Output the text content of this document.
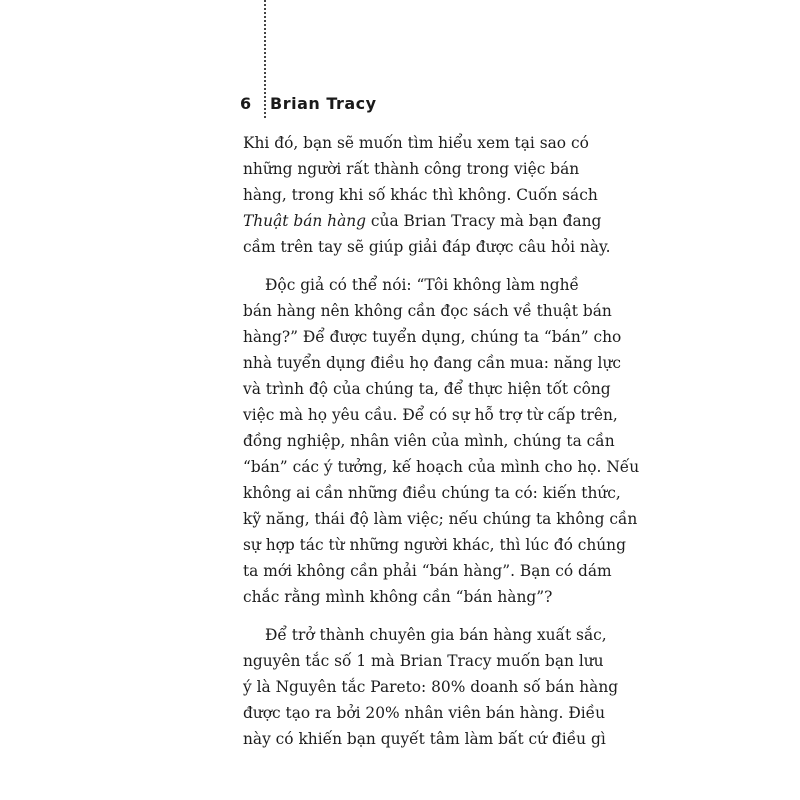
6	Brian Tracy
Khi đó, bạn sẽ muốn tìm hiểu xem tại sao có
những người rất thành công trong việc bán
hàng, trong khi số khác thì không. Cuốn sách
Thuật bán hàng của Brian Tracy mà bạn đang
cầm trên tay sẽ giúp giải đáp được câu hỏi này.
Độc giả có thể nói: “Tôi không làm nghề
bán hàng nên không cần đọc sách về thuật bán
hàng?” Để được tuyển dụng, chúng ta “bán” cho
nhà tuyển dụng điều họ đang cần mua: năng lực
và trình độ của chúng ta, để thực hiện tốt công
việc mà họ yêu cầu. Để có sự hỗ trợ từ cấp trên,
đồng nghiệp, nhân viên của mình, chúng ta cần
“bán” các ý tưởng, kế hoạch của mình cho họ. Nếu
không ai cần những điều chúng ta có: kiến thức,
kỹ năng, thái độ làm việc; nếu chúng ta không cần
sự hợp tác từ những người khác, thì lúc đó chúng
ta mới không cần phải “bán hàng”. Bạn có dám
chắc rằng mình không cần “bán hàng”?
Để trở thành chuyên gia bán hàng xuất sắc,
nguyên tắc số 1 mà Brian Tracy muốn bạn lưu
ý là Nguyên tắc Pareto: 80% doanh số bán hàng
được tạo ra bởi 20% nhân viên bán hàng. Điều
này có khiến bạn quyết tâm làm bất cứ điều gì
